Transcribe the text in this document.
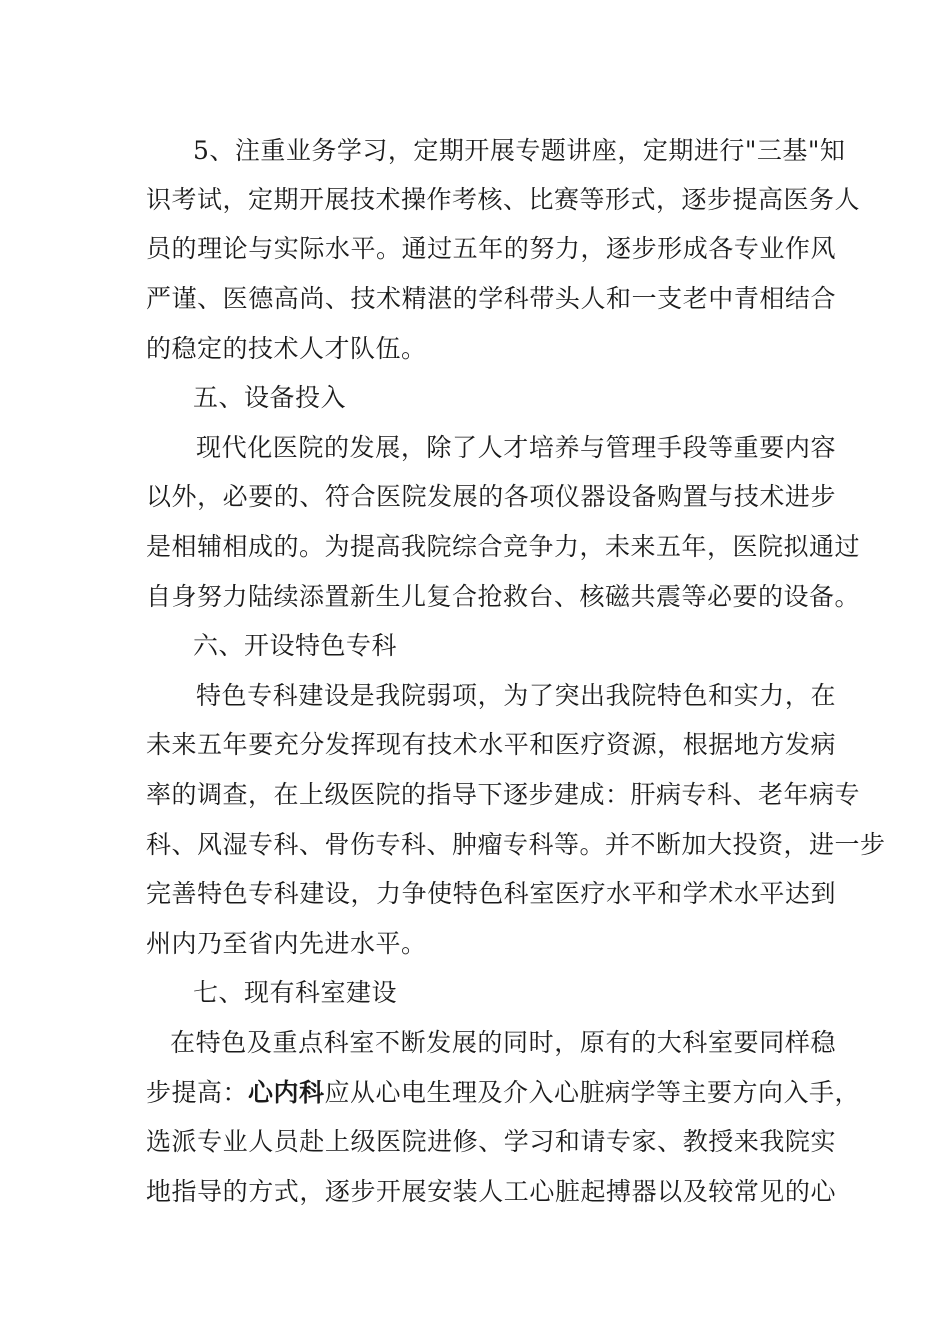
5、注重业务学习，定期开展专题讲座，定期进行"三基"知
识考试，定期开展技术操作考核、比赛等形式，逐步提高医务人
员的理论与实际水平。通过五年的努力，逐步形成各专业作风
严谨、医德高尚、技术精湛的学科带头人和一支老中青相结合
的稳定的技术人才队伍。
五、设备投入
现代化医院的发展，除了人才培养与管理手段等重要内容
以外，必要的、符合医院发展的各项仪器设备购置与技术进步
是相辅相成的。为提高我院综合竞争力，未来五年，医院拟通过
自身努力陆续添置新生儿复合抢救台、核磁共震等必要的设备。
六、开设特色专科
特色专科建设是我院弱项，为了突出我院特色和实力，在
未来五年要充分发挥现有技术水平和医疗资源，根据地方发病
率的调查，在上级医院的指导下逐步建成：肝病专科、老年病专
科、风湿专科、骨伤专科、肿瘤专科等。并不断加大投资，进一步
完善特色专科建设，力争使特色科室医疗水平和学术水平达到
州内乃至省内先进水平。
七、现有科室建设
在特色及重点科室不断发展的同时，原有的大科室要同样稳
步提高：心内科应从心电生理及介入心脏病学等主要方向入手，
选派专业人员赴上级医院进修、学习和请专家、教授来我院实
地指导的方式，逐步开展安装人工心脏起搏器以及较常见的心
